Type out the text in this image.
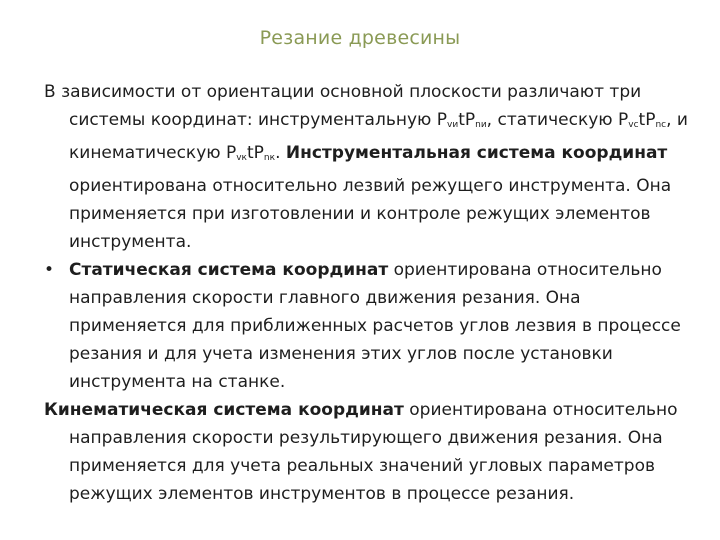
Резание древесины

В зависимости от ориентации основной плоскости различают три системы координат: инструментальную PvиtPnи, статическую PvсtPnс, и кинематическую PvкtPnк. Инструментальная система координат ориентирована относительно лезвий режущего инструмента. Она применяется при изготовлении и контроле режущих элементов инструмента.

• Статическая система координат ориентирована относительно направления скорости главного движения резания. Она применяется для приближенных расчетов углов лезвия в процессе резания и для учета изменения этих углов после установки инструмента на станке.

Кинематическая система координат ориентирована относительно направления скорости результирующего движения резания. Она применяется для учета реальных значений угловых параметров режущих элементов инструментов в процессе резания.
